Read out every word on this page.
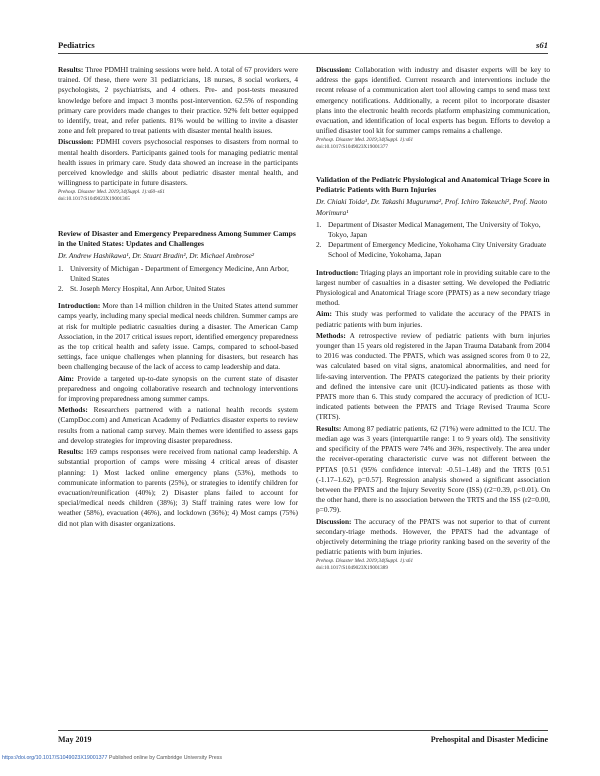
Pediatrics	s61

Results: Three PDMHI training sessions were held. A total of 67 providers were trained. Of these, there were 31 pediatricians, 18 nurses, 8 social workers, 4 psychologists, 2 psychiatrists, and 4 others. Pre- and post-tests measured knowledge before and impact 3 months post-intervention. 62.5% of responding primary care providers made changes to their practice. 92% felt better equipped to identify, treat, and refer patients. 81% would be willing to invite a disaster zone and felt prepared to treat patients with disaster mental health issues.

Discussion: PDMHI covers psychosocial responses to disasters from normal to mental health disorders. Participants gained tools for managing pediatric mental health issues in primary care. Study data showed an increase in the participants perceived knowledge and skills about pediatric disaster mental health, and willingness to participate in future disasters.

Prehosp. Disaster Med. 2019;34(Suppl. 1):s60–s61
doi:10.1017/S1049023X19001365
Review of Disaster and Emergency Preparedness Among Summer Camps in the United States: Updates and Challenges
Dr. Andrew Hashikawa¹, Dr. Stuart Bradin², Dr. Michael Ambrose²
1. University of Michigan - Department of Emergency Medicine, Ann Arbor, United States
2. St. Joseph Mercy Hospital, Ann Arbor, United States

Introduction: More than 14 million children in the United States attend summer camps yearly, including many special medical needs children. Summer camps are at risk for multiple pediatric casualties during a disaster. The American Camp Association, in the 2017 critical issues report, identified emergency preparedness as the top critical health and safety issue. Camps, compared to school-based settings, face unique challenges when planning for disasters, but research has been challenging because of the lack of access to camp leadership and data.

Aim: Provide a targeted up-to-date synopsis on the current state of disaster preparedness and ongoing collaborative research and technology interventions for improving preparedness among summer camps.

Methods: Researchers partnered with a national health records system (CampDoc.com) and American Academy of Pediatrics disaster experts to review results from a national camp survey. Main themes were identified to assess gaps and develop strategies for improving disaster preparedness.

Results: 169 camps responses were received from national camp leadership. A substantial proportion of camps were missing 4 critical areas of disaster planning: 1) Most lacked online emergency plans (53%), methods to communicate information to parents (25%), or strategies to identify children for evacuation/reunification (40%); 2) Disaster plans failed to account for special/medical needs children (38%); 3) Staff training rates were low for weather (58%), evacuation (46%), and lockdown (36%); 4) Most camps (75%) did not plan with disaster organizations.

Discussion: Collaboration with industry and disaster experts will be key to address the gaps identified. Current research and interventions include the recent release of a communication alert tool allowing camps to send mass text emergency notifications. Additionally, a recent pilot to incorporate disaster plans into the electronic health records platform emphasizing communication, evacuation, and identification of local experts has begun. Efforts to develop a unified disaster tool kit for summer camps remains a challenge.

Prehosp. Disaster Med. 2019;34(Suppl. 1):s61
doi:10.1017/S1049023X19001377
Validation of the Pediatric Physiological and Anatomical Triage Score in Pediatric Patients with Burn Injuries
Dr. Chiaki Toida¹, Dr. Takashi Muguruma², Prof. Ichiro Takeuchi², Prof. Naoto Morimura¹
1. Department of Disaster Medical Management, The University of Tokyo, Tokyo, Japan
2. Department of Emergency Medicine, Yokohama City University Graduate School of Medicine, Yokohama, Japan

Introduction: Triaging plays an important role in providing suitable care to the largest number of casualties in a disaster setting. We developed the Pediatric Physiological and Anatomical Triage score (PPATS) as a new secondary triage method.

Aim: This study was performed to validate the accuracy of the PPATS in pediatric patients with burn injuries.

Methods: A retrospective review of pediatric patients with burn injuries younger than 15 years old registered in the Japan Trauma Databank from 2004 to 2016 was conducted. The PPATS, which was assigned scores from 0 to 22, was calculated based on vital signs, anatomical abnormalities, and need for life-saving intervention. The PPATS categorized the patients by their priority and defined the intensive care unit (ICU)-indicated patients as those with PPATS more than 6. This study compared the accuracy of prediction of ICU-indicated patients between the PPATS and Triage Revised Trauma Score (TRTS).

Results: Among 87 pediatric patients, 62 (71%) were admitted to the ICU. The median age was 3 years (interquartile range: 1 to 9 years old). The sensitivity and specificity of the PPATS were 74% and 36%, respectively. The area under the receiver-operating characteristic curve was not different between the PPTAS [0.51 (95% confidence interval: -0.51–1.48) and the TRTS [0.51 (-1.17–1.62), p=0.57]. Regression analysis showed a significant association between the PPATS and the Injury Severity Score (ISS) (r2=0.39, p<0.01). On the other hand, there is no association between the TRTS and the ISS (r2=0.00, p=0.79).

Discussion: The accuracy of the PPATS was not superior to that of current secondary-triage methods. However, the PPATS had the advantage of objectively determining the triage priority ranking based on the severity of the pediatric patients with burn injuries.

Prehosp. Disaster Med. 2019;34(Suppl. 1):s61
doi:10.1017/S1049023X19001389
May 2019	Prehospital and Disaster Medicine
https://doi.org/10.1017/S1049023X19001377 Published online by Cambridge University Press
